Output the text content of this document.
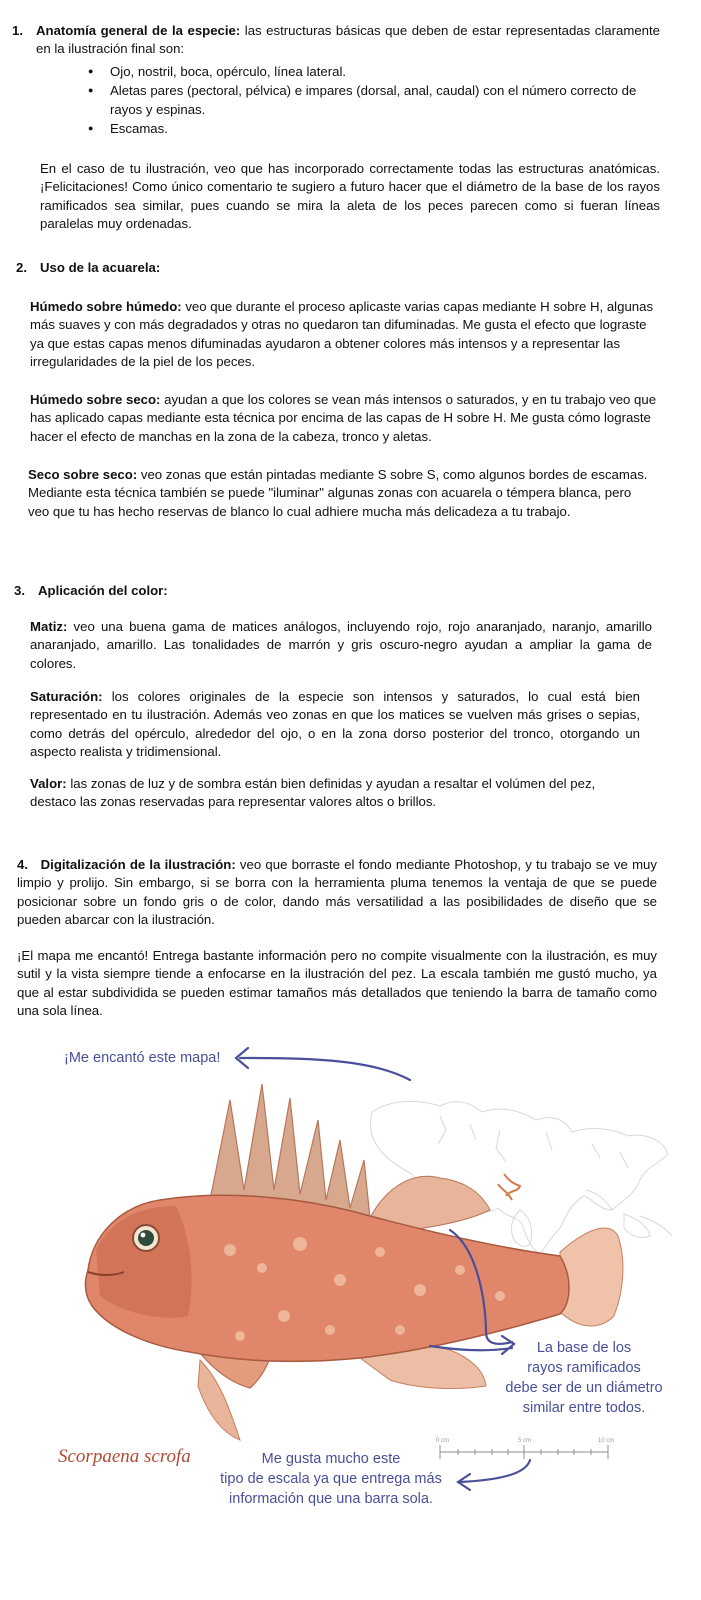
1. Anatomía general de la especie: las estructuras básicas que deben de estar representadas claramente en la ilustración final son:
● Ojo, nostril, boca, opérculo, línea lateral.
● Aletas pares (pectoral, pélvica) e impares (dorsal, anal, caudal) con el número correcto de rayos y espinas.
● Escamas.
En el caso de tu ilustración, veo que has incorporado correctamente todas las estructuras anatómicas. ¡Felicitaciones! Como único comentario te sugiero a futuro hacer que el diámetro de la base de los rayos ramificados sea similar, pues cuando se mira la aleta de los peces parecen como si fueran líneas paralelas muy ordenadas.
2. Uso de la acuarela:
Húmedo sobre húmedo: veo que durante el proceso aplicaste varias capas mediante H sobre H, algunas más suaves y con más degradados y otras no quedaron tan difuminadas. Me gusta el efecto que lograste ya que estas capas menos difuminadas ayudaron a obtener colores más intensos y a representar las irregularidades de la piel de los peces.
Húmedo sobre seco: ayudan a que los colores se vean más intensos o saturados, y en tu trabajo veo que has aplicado capas mediante esta técnica por encima de las capas de H sobre H. Me gusta cómo lograste hacer el efecto de manchas en la zona de la cabeza, tronco y aletas.
Seco sobre seco: veo zonas que están pintadas mediante S sobre S, como algunos bordes de escamas. Mediante esta técnica también se puede "iluminar" algunas zonas con acuarela o témpera blanca, pero veo que tu has hecho reservas de blanco lo cual adhiere mucha más delicadeza a tu trabajo.
3. Aplicación del color:
Matiz: veo una buena gama de matices análogos, incluyendo rojo, rojo anaranjado, naranjo, amarillo anaranjado, amarillo. Las tonalidades de marrón y gris oscuro-negro ayudan a ampliar la gama de colores.
Saturación: los colores originales de la especie son intensos y saturados, lo cual está bien representado en tu ilustración. Además veo zonas en que los matices se vuelven más grises o sepias, como detrás del opérculo, alrededor del ojo, o en la zona dorso posterior del tronco, otorgando un aspecto realista y tridimensional.
Valor: las zonas de luz y de sombra están bien definidas y ayudan a resaltar el volúmen del pez, destaco las zonas reservadas para representar valores altos o brillos.
4. Digitalización de la ilustración: veo que borraste el fondo mediante Photoshop, y tu trabajo se ve muy limpio y prolijo. Sin embargo, si se borra con la herramienta pluma tenemos la ventaja de que se puede posicionar sobre un fondo gris o de color, dando más versatilidad a las posibilidades de diseño que se pueden abarcar con la ilustración.
¡El mapa me encantó! Entrega bastante información pero no compite visualmente con la ilustración, es muy sutil y la vista siempre tiende a enfocarse en la ilustración del pez. La escala también me gustó mucho, ya que al estar subdividida se pueden estimar tamaños más detallados que teniendo la barra de tamaño como una sola línea.
0 cm	5 cm	10 cm
¡Me encantó este mapa!
La base de los
rayos ramificados
debe ser de un diámetro
similar entre todos.
Me gusta mucho este
tipo de escala ya que entrega más
información que una barra sola.
Scorpaena scrofa
